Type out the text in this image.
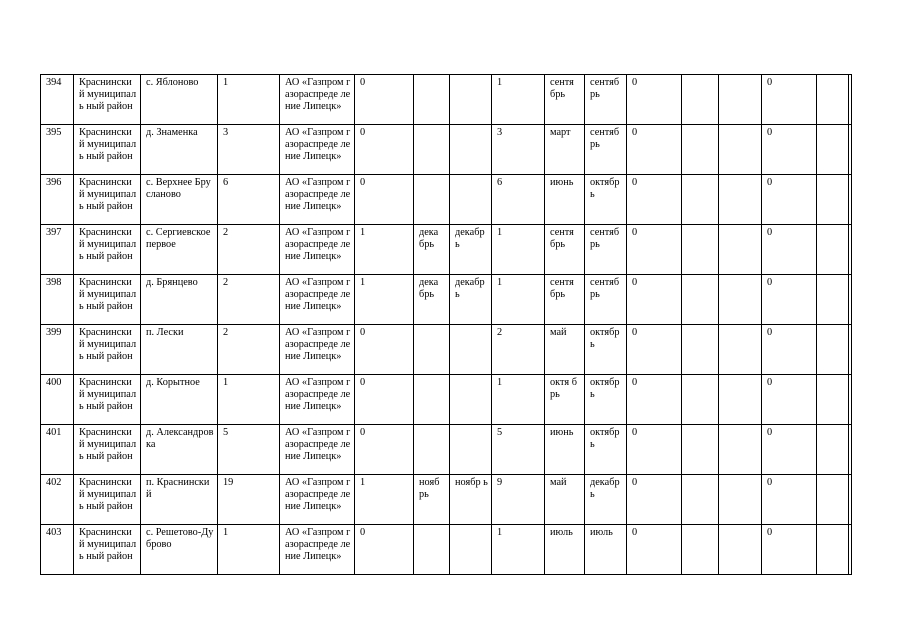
394	Краснински й муниципаль ный район	с. Яблоново	1	АО «Газпром газораспреде ление Липецк»	0			1	сентя брь	сентяб рь	0			0		
395	Краснински й муниципаль ный район	д. Знаменка	3	АО «Газпром газораспреде ление Липецк»	0			3	март	сентяб рь	0			0		
396	Краснински й муниципаль ный район	с. Верхнее Брусланово	6	АО «Газпром газораспреде ление Липецк»	0			6	июнь	октябр ь	0			0		
397	Краснински й муниципаль ный район	с. Сергиевское первое	2	АО «Газпром газораспреде ление Липецк»	1	дека брь	декабр ь	1	сентя брь	сентяб рь	0			0		
398	Краснински й муниципаль ный район	д. Брянцево	2	АО «Газпром газораспреде ление Липецк»	1	дека брь	декабр ь	1	сентя брь	сентяб рь	0			0		
399	Краснински й муниципаль ный район	п. Лески	2	АО «Газпром газораспреде ление Липецк»	0			2	май	октябр ь	0			0		
400	Краснински й муниципаль ный район	д. Корытное	1	АО «Газпром газораспреде ление Липецк»	0			1	октя брь	октябр ь	0			0		
401	Краснински й муниципаль ный район	д. Александров ка	5	АО «Газпром газораспреде ление Липецк»	0			5	июнь	октябр ь	0			0		
402	Краснински й муниципаль ный район	п. Краснинский	19	АО «Газпром газораспреде ление Липецк»	1	нояб рь	ноябр ь	9	май	декабр ь	0			0		
403	Краснински й муниципаль ный район	с. Решетово-Дуброво	1	АО «Газпром газораспреде ление Липецк»	0			1	июль	июль	0			0		
